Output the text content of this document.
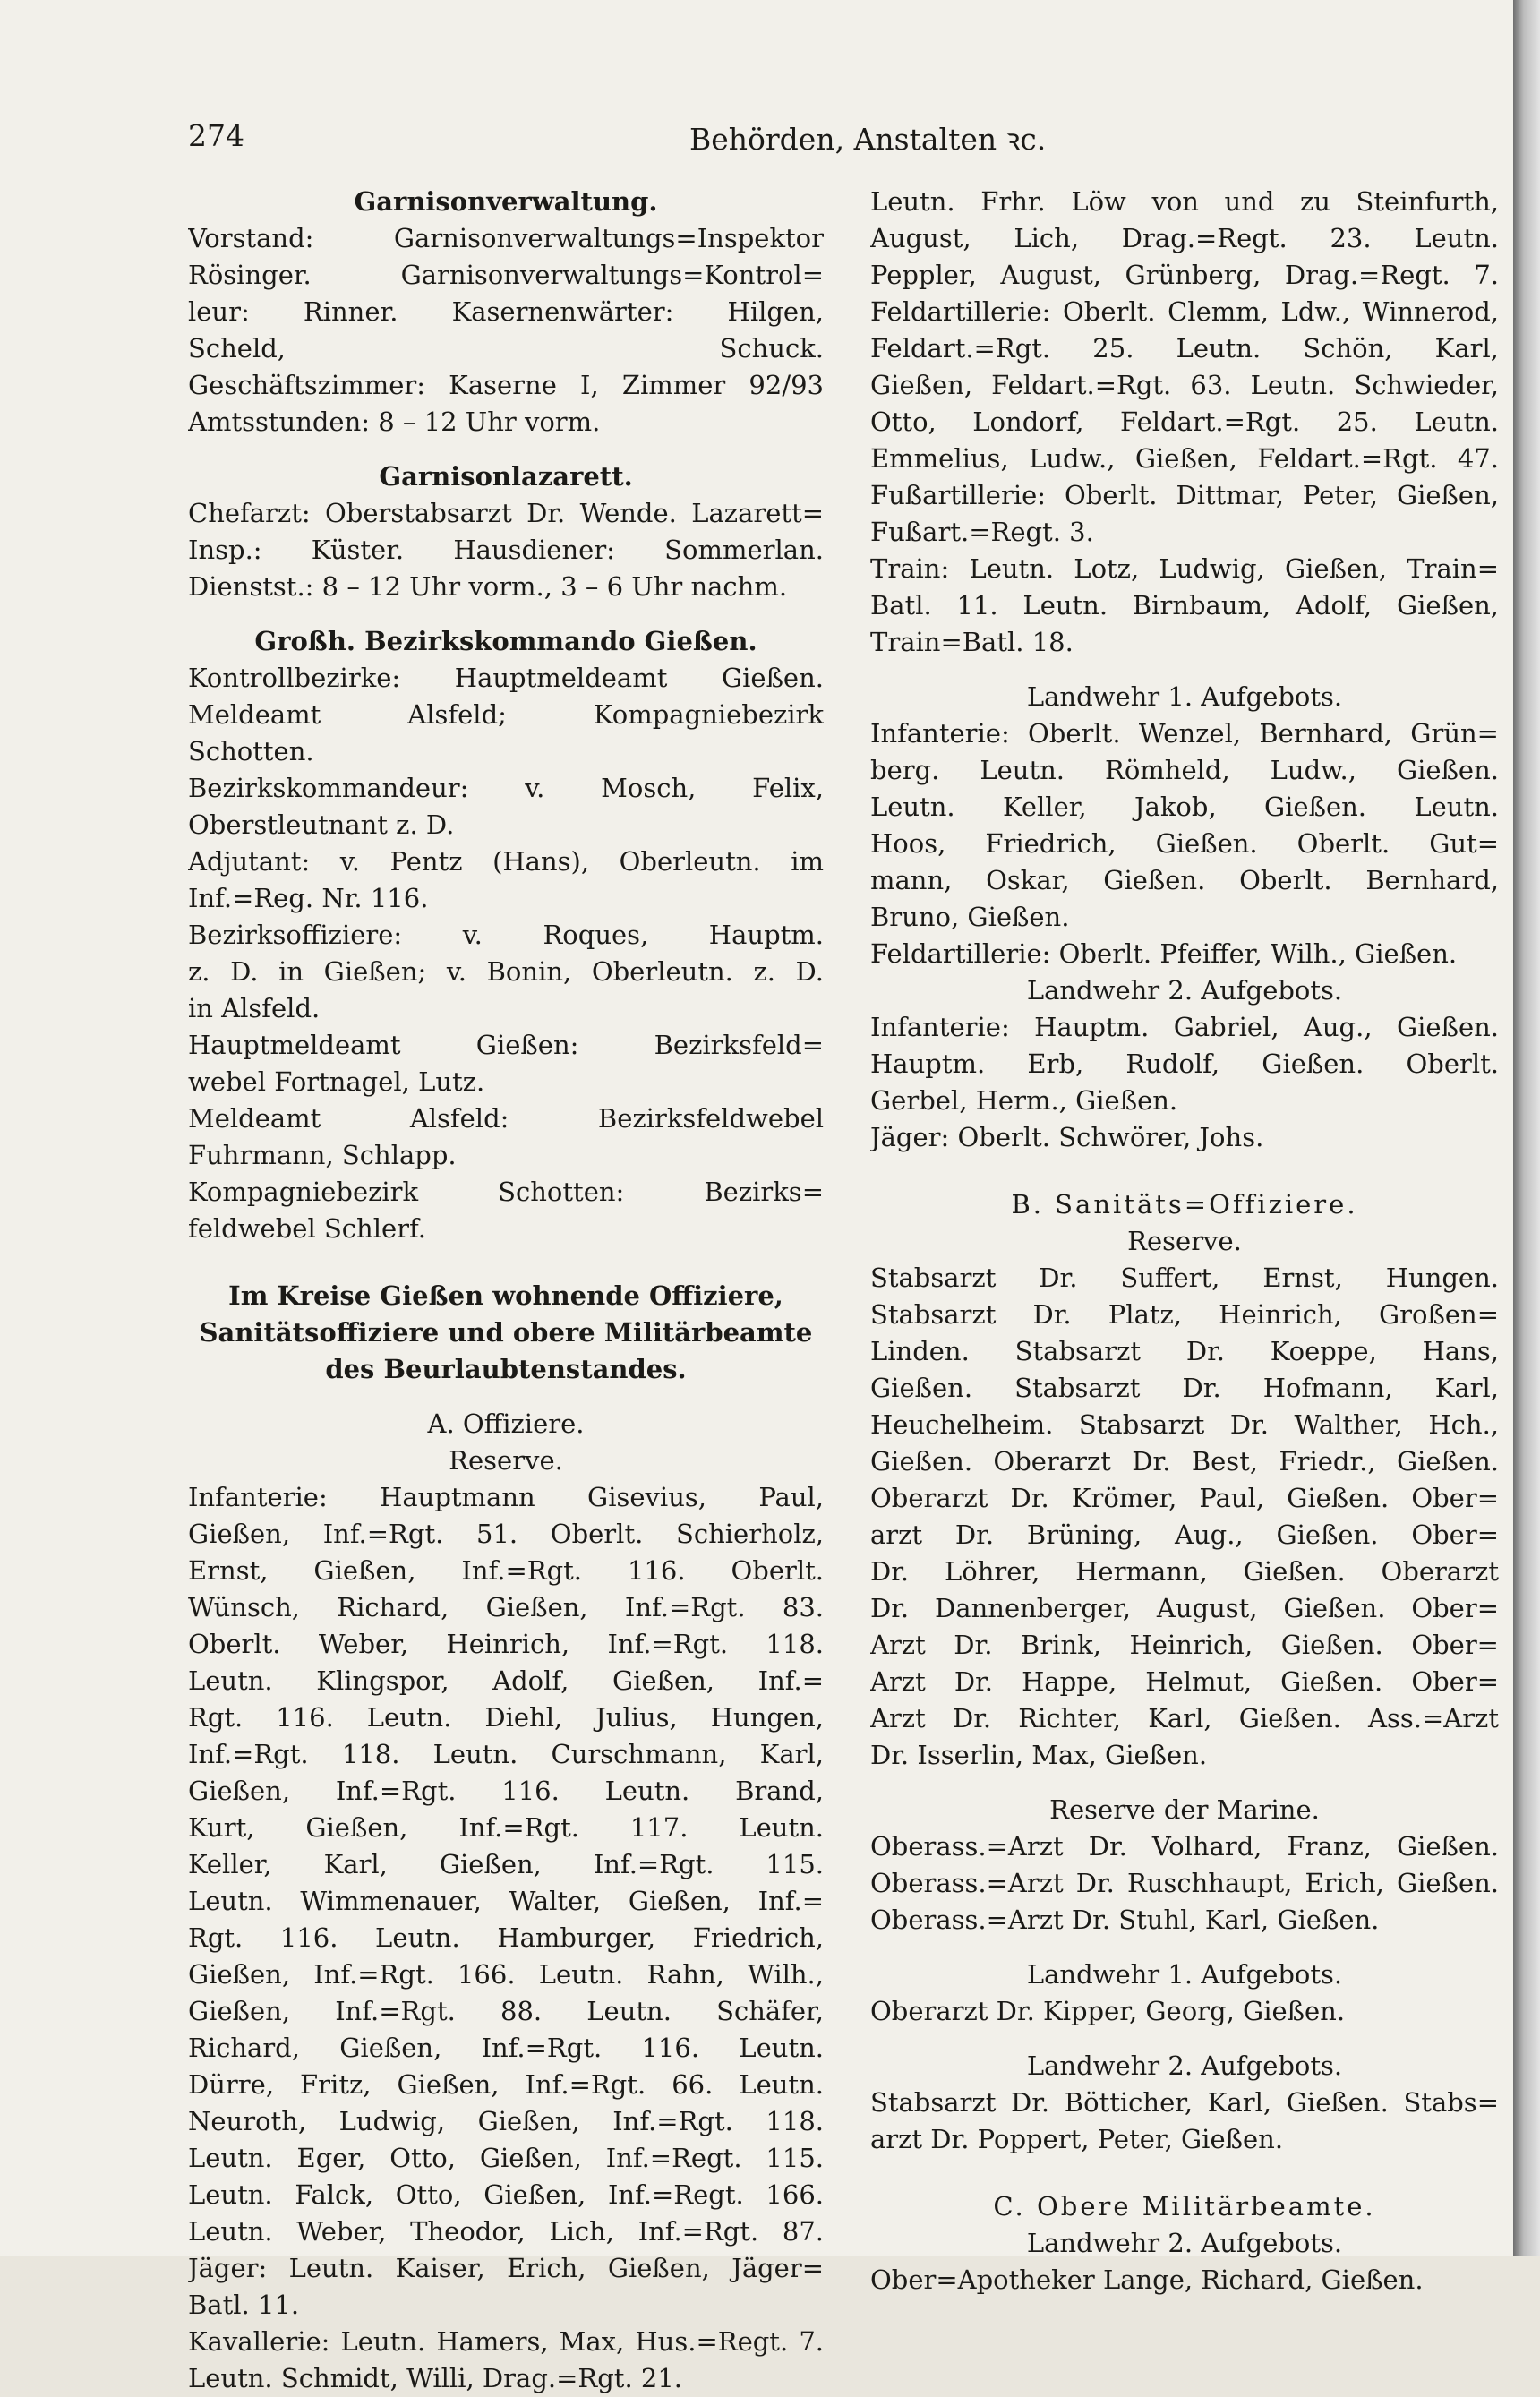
274	Behörden, Anstalten ꝛc.
Garnisonverwaltung.
Vorstand: Garnisonverwaltungs=Inspektor
Rösinger. Garnisonverwaltungs=Kontrol=
leur: Rinner. Kasernenwärter: Hilgen,
Scheld, Schuck.
Geschäftszimmer: Kaserne I, Zimmer 92/93
Amtsstunden: 8 – 12 Uhr vorm.
Garnisonlazarett.
Chefarzt: Oberstabsarzt Dr. Wende. Lazarett=
Insp.: Küster. Hausdiener: Sommerlan.
Dienstst.: 8 – 12 Uhr vorm., 3 – 6 Uhr nachm.
Großh. Bezirkskommando Gießen.
Kontrollbezirke: Hauptmeldeamt Gießen.
Meldeamt Alsfeld; Kompagniebezirk
Schotten.
Bezirkskommandeur: v. Mosch, Felix,
Oberstleutnant z. D.
Adjutant: v. Pentz (Hans), Oberleutn. im
Inf.=Reg. Nr. 116.
Bezirksoffiziere: v. Roques, Hauptm.
z. D. in Gießen; v. Bonin, Oberleutn. z. D.
in Alsfeld.
Hauptmeldeamt Gießen: Bezirksfeld=
webel Fortnagel, Lutz.
Meldeamt Alsfeld: Bezirksfeldwebel
Fuhrmann, Schlapp.
Kompagniebezirk Schotten: Bezirks=
feldwebel Schlerf.
Im Kreise Gießen wohnende Offiziere,
Sanitätsoffiziere und obere Militärbeamte
des Beurlaubtenstandes.
A. Offiziere.
Reserve.
Infanterie: Hauptmann Gisevius, Paul,
Gießen, Inf.=Rgt. 51. Oberlt. Schierholz,
Ernst, Gießen, Inf.=Rgt. 116. Oberlt.
Wünsch, Richard, Gießen, Inf.=Rgt. 83.
Oberlt. Weber, Heinrich, Inf.=Rgt. 118.
Leutn. Klingspor, Adolf, Gießen, Inf.=
Rgt. 116. Leutn. Diehl, Julius, Hungen,
Inf.=Rgt. 118. Leutn. Curschmann, Karl,
Gießen, Inf.=Rgt. 116. Leutn. Brand,
Kurt, Gießen, Inf.=Rgt. 117. Leutn.
Keller, Karl, Gießen, Inf.=Rgt. 115.
Leutn. Wimmenauer, Walter, Gießen, Inf.=
Rgt. 116. Leutn. Hamburger, Friedrich,
Gießen, Inf.=Rgt. 166. Leutn. Rahn, Wilh.,
Gießen, Inf.=Rgt. 88. Leutn. Schäfer,
Richard, Gießen, Inf.=Rgt. 116. Leutn.
Dürre, Fritz, Gießen, Inf.=Rgt. 66. Leutn.
Neuroth, Ludwig, Gießen, Inf.=Rgt. 118.
Leutn. Eger, Otto, Gießen, Inf.=Regt. 115.
Leutn. Falck, Otto, Gießen, Inf.=Regt. 166.
Leutn. Weber, Theodor, Lich, Inf.=Rgt. 87.
Jäger: Leutn. Kaiser, Erich, Gießen, Jäger=
Batl. 11.
Kavallerie: Leutn. Hamers, Max, Hus.=Regt. 7.
Leutn. Schmidt, Willi, Drag.=Rgt. 21.
Leutn. Frhr. Löw von und zu Steinfurth,
August, Lich, Drag.=Regt. 23. Leutn.
Peppler, August, Grünberg, Drag.=Regt. 7.
Feldartillerie: Oberlt. Clemm, Ldw., Winnerod,
Feldart.=Rgt. 25. Leutn. Schön, Karl,
Gießen, Feldart.=Rgt. 63. Leutn. Schwieder,
Otto, Londorf, Feldart.=Rgt. 25. Leutn.
Emmelius, Ludw., Gießen, Feldart.=Rgt. 47.
Fußartillerie: Oberlt. Dittmar, Peter, Gießen,
Fußart.=Regt. 3.
Train: Leutn. Lotz, Ludwig, Gießen, Train=
Batl. 11. Leutn. Birnbaum, Adolf, Gießen,
Train=Batl. 18.
Landwehr 1. Aufgebots.
Infanterie: Oberlt. Wenzel, Bernhard, Grün=
berg. Leutn. Römheld, Ludw., Gießen.
Leutn. Keller, Jakob, Gießen. Leutn.
Hoos, Friedrich, Gießen. Oberlt. Gut=
mann, Oskar, Gießen. Oberlt. Bernhard,
Bruno, Gießen.
Feldartillerie: Oberlt. Pfeiffer, Wilh., Gießen.
Landwehr 2. Aufgebots.
Infanterie: Hauptm. Gabriel, Aug., Gießen.
Hauptm. Erb, Rudolf, Gießen. Oberlt.
Gerbel, Herm., Gießen.
Jäger: Oberlt. Schwörer, Johs.
B. Sanitäts=Offiziere.
Reserve.
Stabsarzt Dr. Suffert, Ernst, Hungen.
Stabsarzt Dr. Platz, Heinrich, Großen=
Linden. Stabsarzt Dr. Koeppe, Hans,
Gießen. Stabsarzt Dr. Hofmann, Karl,
Heuchelheim. Stabsarzt Dr. Walther, Hch.,
Gießen. Oberarzt Dr. Best, Friedr., Gießen.
Oberarzt Dr. Krömer, Paul, Gießen. Ober=
arzt Dr. Brüning, Aug., Gießen. Ober=
Dr. Löhrer, Hermann, Gießen. Oberarzt
Dr. Dannenberger, August, Gießen. Ober=
Arzt Dr. Brink, Heinrich, Gießen. Ober=
Arzt Dr. Happe, Helmut, Gießen. Ober=
Arzt Dr. Richter, Karl, Gießen. Ass.=Arzt
Dr. Isserlin, Max, Gießen.
Reserve der Marine.
Oberass.=Arzt Dr. Volhard, Franz, Gießen.
Oberass.=Arzt Dr. Ruschhaupt, Erich, Gießen.
Oberass.=Arzt Dr. Stuhl, Karl, Gießen.
Landwehr 1. Aufgebots.
Oberarzt Dr. Kipper, Georg, Gießen.
Landwehr 2. Aufgebots.
Stabsarzt Dr. Bötticher, Karl, Gießen. Stabs=
arzt Dr. Poppert, Peter, Gießen.
C. Obere Militärbeamte.
Landwehr 2. Aufgebots.
Ober=Apotheker Lange, Richard, Gießen.
